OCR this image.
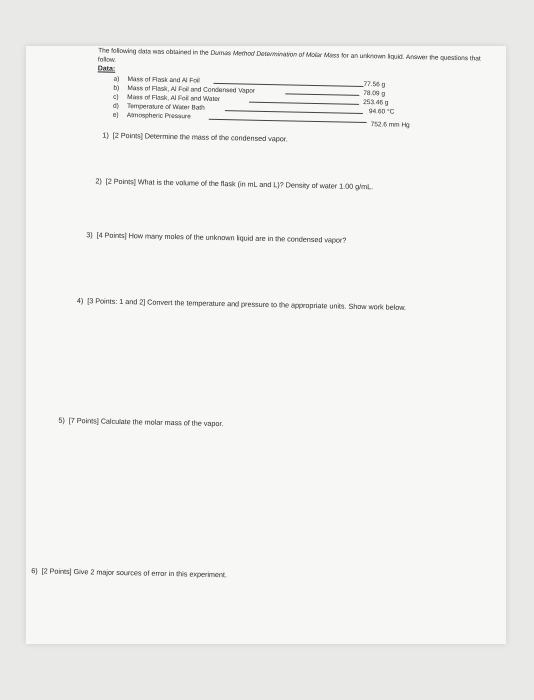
The following data was obtained in the Dumas Method Determination of Molar Mass for an unknown liquid. Answer the questions that follow.
Data:
a) Mass of Flask and Al Foil
77.56 g
b) Mass of Flask, Al Foil and Condensed Vapor	78.09 g
c) Mass of Flask, Al Foil and Water	253.46 g
d) Temperature of Water Bath
94.60 °C
e) Atmospheric Pressure
752.6 mm Hg
1) [2 Points] Determine the mass of the condensed vapor.
2) [2 Points] What is the volume of the flask (in mL and L)? Density of water 1.00 g/mL.
3) [4 Points] How many moles of the unknown liquid are in the condensed vapor?
4) [3 Points: 1 and 2] Convert the temperature and pressure to the appropriate units. Show work below.
5) [7 Points] Calculate the molar mass of the vapor.
6) [2 Points] Give 2 major sources of error in this experiment.
